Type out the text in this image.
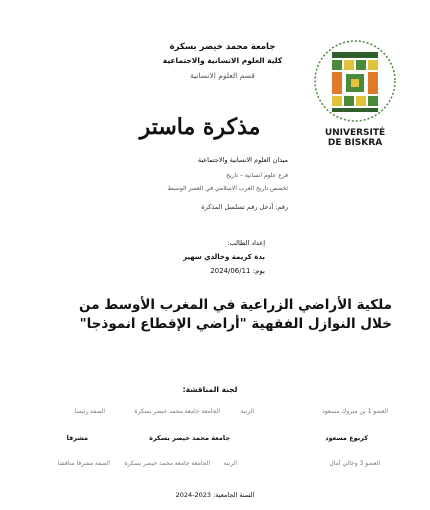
جامعة محمد خيضر بسكرة
كلية العلوم الانسانية والاجتماعية
قسم العلوم الانسانية
UNIVERSITÉ
DE BISKRA
مذكرة ماستر
ميدان العلوم الانسانية والاجتماعية
فرع علوم انسانية – تاريخ
تخصص تاريخ الغرب الاسلامي في العصر الوسيط
رقم: أدخل رقم تسلسل المذكرة
إعداد الطالب:
بدة كريمة وخالدي سهير
يوم: 2024/06/11
ملكية الأراضي الزراعية في المغرب الأوسط من خلال النوازل الفقهية "أراضي الإقطاع انموذجا"
لجنة المناقشة:
العضو 1 بن مبروك مسعود
الرتبة
الجامعة جامعة محمد خيضر بسكرة
الصفة رئيسا
كربوع مسعود
جامعة محمد خيضر بسكرة
مشرفا
العضو 3 وخالي أمال
الرتبة
الجامعة جامعة محمد خيضر بسكرة
الصفة مشرفا مناقشا
السنة الجامعية: 2023-2024
